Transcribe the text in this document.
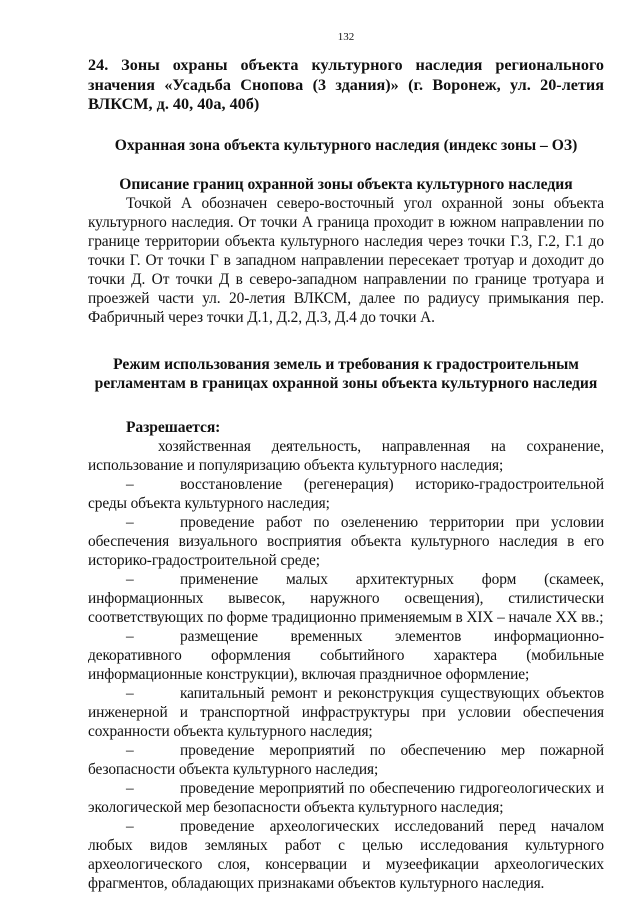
132

24. Зоны охраны объекта культурного наследия регионального значения «Усадьба Снопова (3 здания)» (г. Воронеж, ул. 20-летия ВЛКСМ, д. 40, 40а, 40б)

Охранная зона объекта культурного наследия (индекс зоны – ОЗ)

Описание границ охранной зоны объекта культурного наследия

Точкой А обозначен северо-восточный угол охранной зоны объекта культурного наследия. От точки А граница проходит в южном направлении по границе территории объекта культурного наследия через точки Г.3, Г.2, Г.1 до точки Г. От точки Г в западном направлении пересекает тротуар и доходит до точки Д. От точки Д в северо-западном направлении по границе тротуара и проезжей части ул. 20-летия ВЛКСМ, далее по радиусу примыкания пер. Фабричный через точки Д.1, Д.2, Д.3, Д.4 до точки А.

Режим использования земель и требования к градостроительным регламентам в границах охранной зоны объекта культурного наследия

Разрешается:
хозяйственная деятельность, направленная на сохранение, использование и популяризацию объекта культурного наследия;

–	восстановление (регенерация) историко-градостроительной среды объекта культурного наследия;

–	проведение работ по озеленению территории при условии обеспечения визуального восприятия объекта культурного наследия в его историко-градостроительной среде;

–	применение малых архитектурных форм (скамеек, информационных вывесок, наружного освещения), стилистически соответствующих по форме традиционно применяемым в XIX – начале XX вв.;

–	размещение временных элементов информационно-декоративного оформления событийного характера (мобильные информационные конструкции), включая праздничное оформление;

–	капитальный ремонт и реконструкция существующих объектов инженерной и транспортной инфраструктуры при условии обеспечения сохранности объекта культурного наследия;

–	проведение мероприятий по обеспечению мер пожарной безопасности объекта культурного наследия;

–	проведение мероприятий по обеспечению гидрогеологических и экологической мер безопасности объекта культурного наследия;

–	проведение археологических исследований перед началом любых видов земляных работ с целью исследования культурного археологического слоя, консервации и музеефикации археологических фрагментов, обладающих признаками объектов культурного наследия.
